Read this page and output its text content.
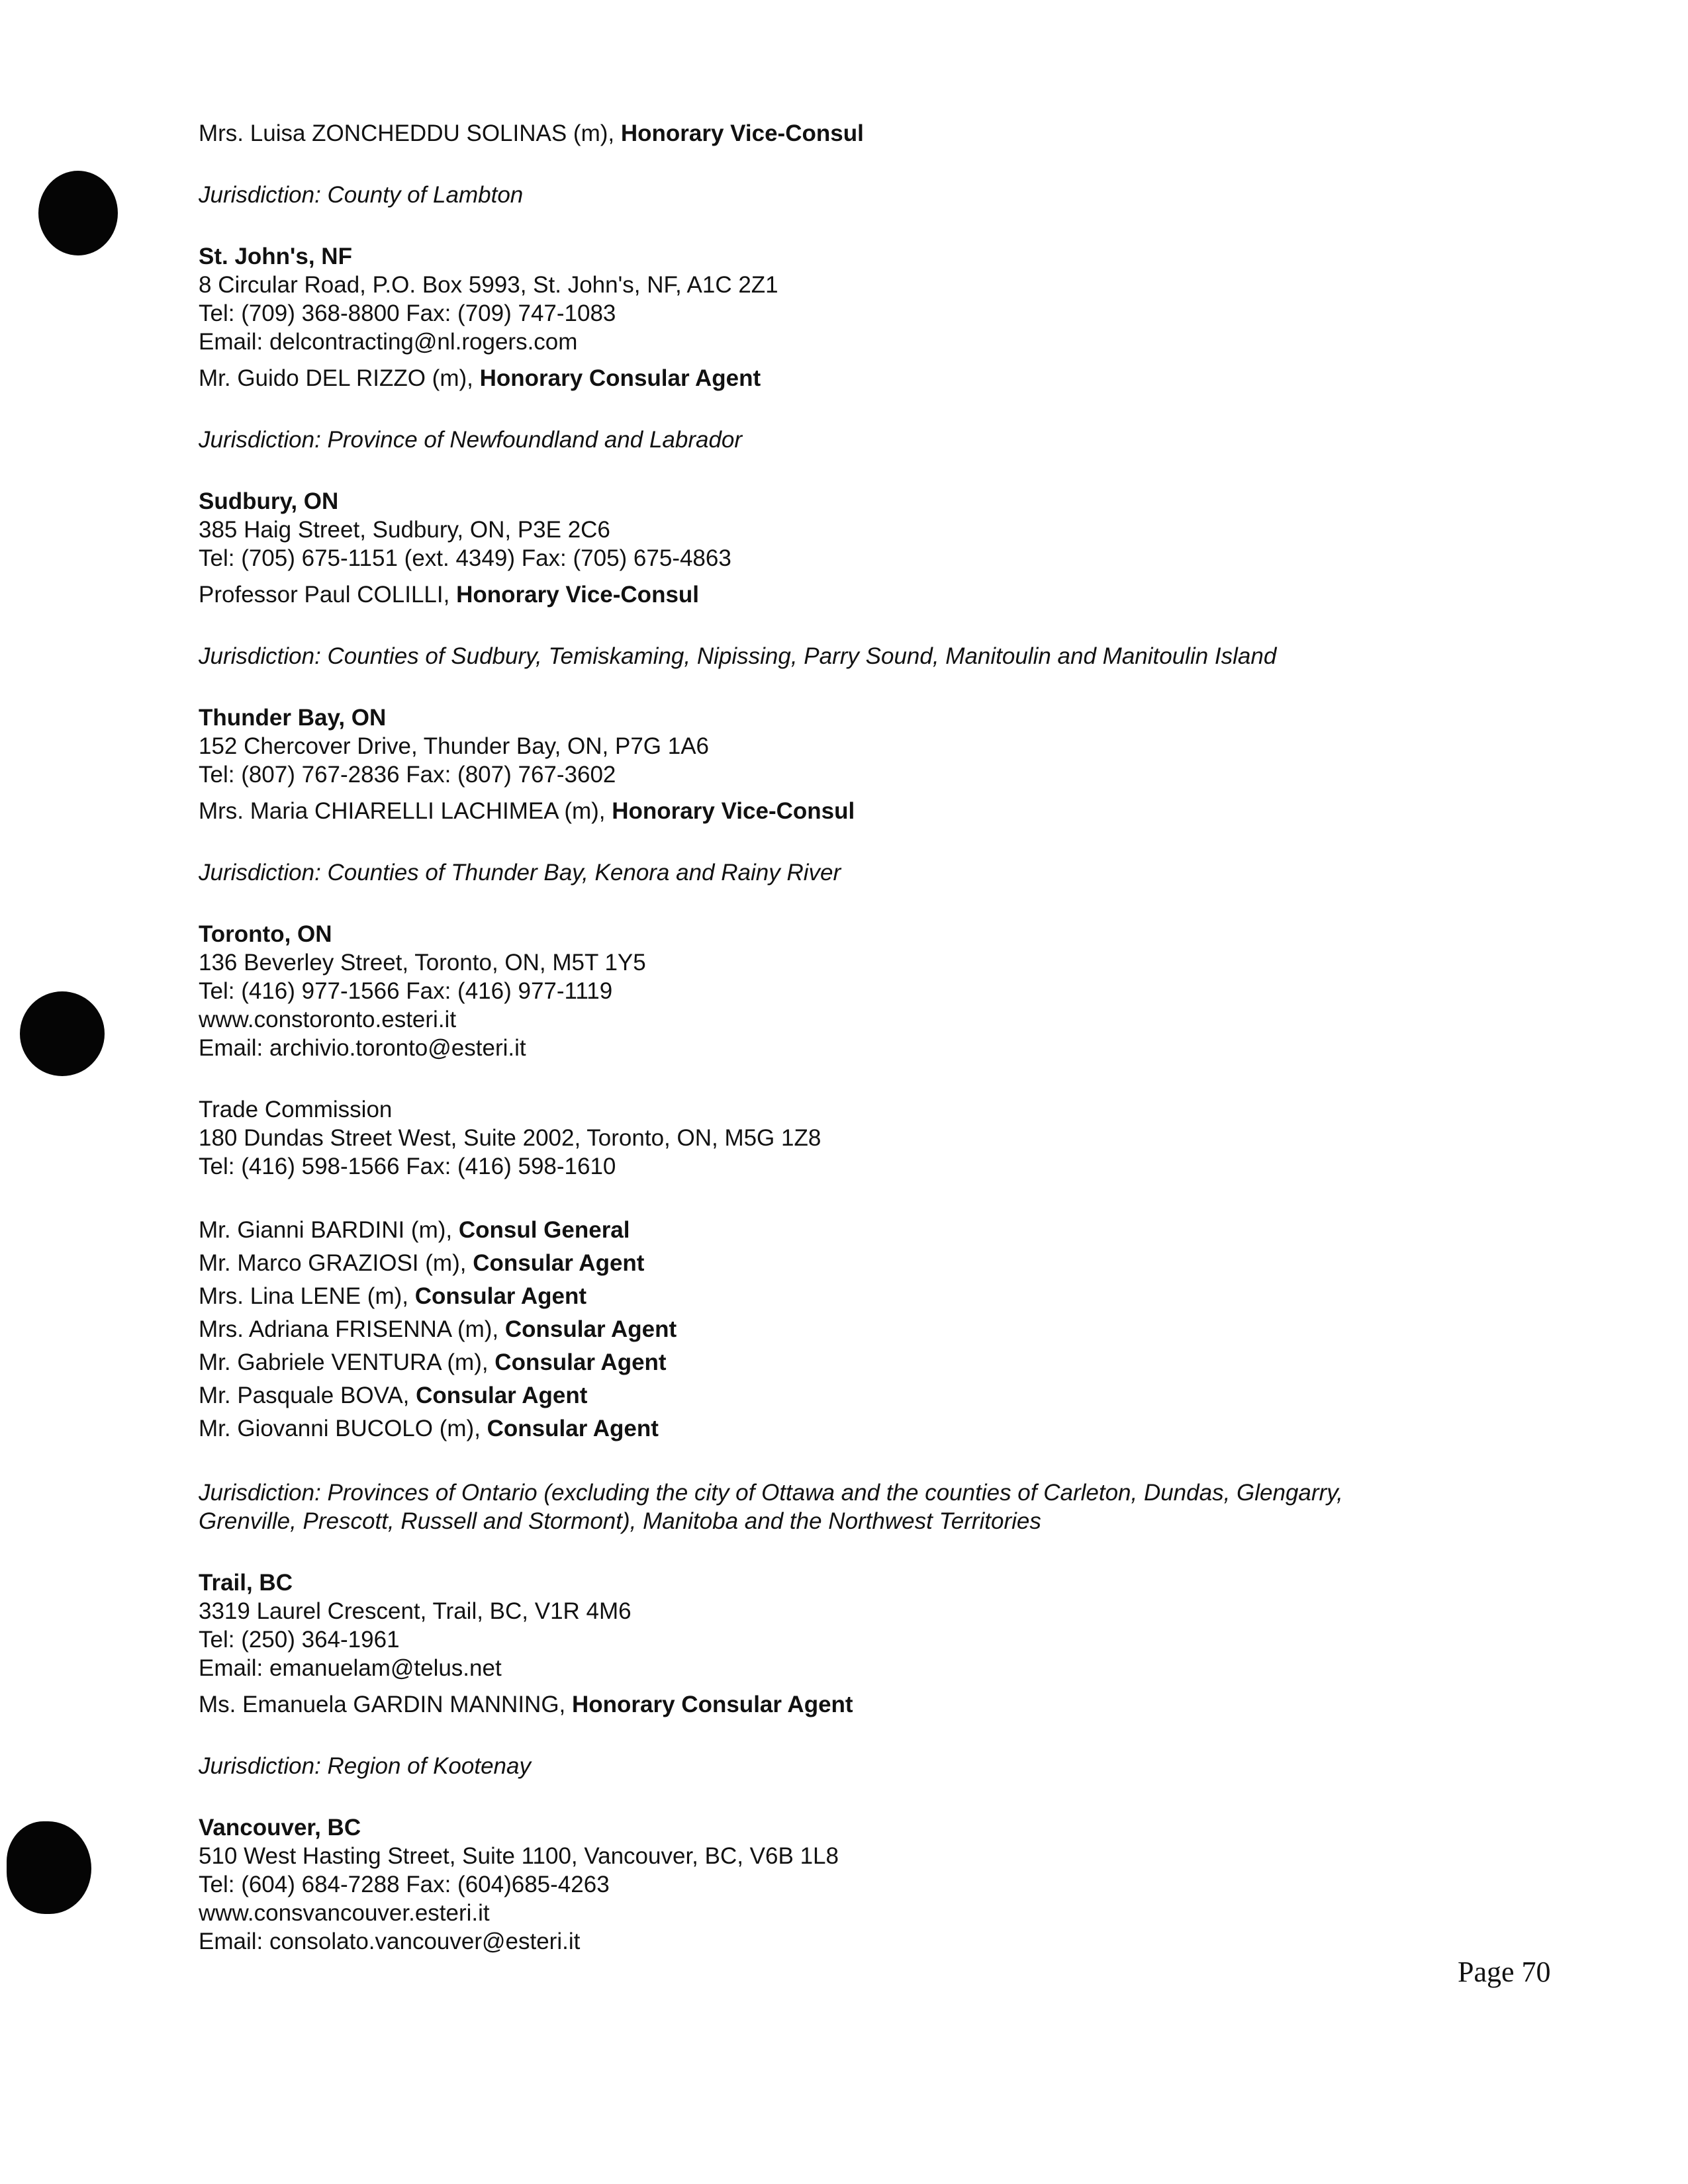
Mrs. Luisa ZONCHEDDU SOLINAS (m), Honorary Vice-Consul
Jurisdiction: County of Lambton
St. John's, NF
8 Circular Road, P.O. Box 5993, St. John's, NF, A1C 2Z1
Tel: (709) 368-8800 Fax: (709) 747-1083
Email: delcontracting@nl.rogers.com
Mr. Guido DEL RIZZO (m), Honorary Consular Agent
Jurisdiction: Province of Newfoundland and Labrador
Sudbury, ON
385 Haig Street, Sudbury, ON, P3E 2C6
Tel: (705) 675-1151 (ext. 4349) Fax: (705) 675-4863
Professor Paul COLILLI, Honorary Vice-Consul
Jurisdiction: Counties of Sudbury, Temiskaming, Nipissing, Parry Sound, Manitoulin and Manitoulin Island
Thunder Bay, ON
152 Chercover Drive, Thunder Bay, ON, P7G 1A6
Tel: (807) 767-2836 Fax: (807) 767-3602
Mrs. Maria CHIARELLI LACHIMEA (m), Honorary Vice-Consul
Jurisdiction: Counties of Thunder Bay, Kenora and Rainy River
Toronto, ON
136 Beverley Street, Toronto, ON, M5T 1Y5
Tel: (416) 977-1566 Fax: (416) 977-1119
www.constoronto.esteri.it
Email: archivio.toronto@esteri.it
Trade Commission
180 Dundas Street West, Suite 2002, Toronto, ON, M5G 1Z8
Tel: (416) 598-1566 Fax: (416) 598-1610
Mr. Gianni BARDINI (m), Consul General
Mr. Marco GRAZIOSI (m), Consular Agent
Mrs. Lina LENE (m), Consular Agent
Mrs. Adriana FRISENNA (m), Consular Agent
Mr. Gabriele VENTURA (m), Consular Agent
Mr. Pasquale BOVA, Consular Agent
Mr. Giovanni BUCOLO (m), Consular Agent
Jurisdiction: Provinces of Ontario (excluding the city of Ottawa and the counties of Carleton, Dundas, Glengarry,
Grenville, Prescott, Russell and Stormont), Manitoba and the Northwest Territories
Trail, BC
3319 Laurel Crescent, Trail, BC, V1R 4M6
Tel: (250) 364-1961
Email: emanuelam@telus.net
Ms. Emanuela GARDIN MANNING, Honorary Consular Agent
Jurisdiction: Region of Kootenay
Vancouver, BC
510 West Hasting Street, Suite 1100, Vancouver, BC, V6B 1L8
Tel: (604) 684-7288 Fax: (604)685-4263
www.consvancouver.esteri.it
Email: consolato.vancouver@esteri.it
Page 70
